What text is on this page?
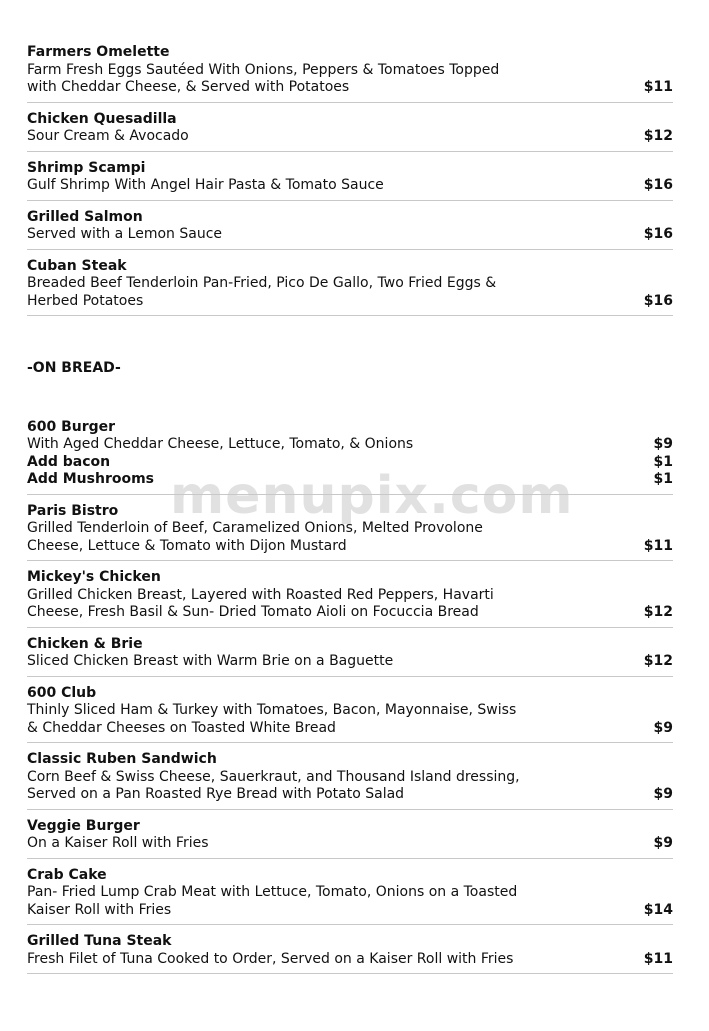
menupix.com
Farmers Omelette
Farm Fresh Eggs Sautéed With Onions, Peppers & Tomatoes Topped
with Cheddar Cheese, & Served with Potatoes	$11
Chicken Quesadilla
Sour Cream & Avocado	$12
Shrimp Scampi
Gulf Shrimp With Angel Hair Pasta & Tomato Sauce	$16
Grilled Salmon
Served with a Lemon Sauce	$16
Cuban Steak
Breaded Beef Tenderloin Pan-Fried, Pico De Gallo, Two Fried Eggs &
Herbed Potatoes	$16
-ON BREAD-
600 Burger
With Aged Cheddar Cheese, Lettuce, Tomato, & Onions	$9
Add bacon	$1
Add Mushrooms	$1
Paris Bistro
Grilled Tenderloin of Beef, Caramelized Onions, Melted Provolone
Cheese, Lettuce & Tomato with Dijon Mustard	$11
Mickey's Chicken
Grilled Chicken Breast, Layered with Roasted Red Peppers, Havarti
Cheese, Fresh Basil & Sun- Dried Tomato Aioli on Focuccia Bread	$12
Chicken & Brie
Sliced Chicken Breast with Warm Brie on a Baguette	$12
600 Club
Thinly Sliced Ham & Turkey with Tomatoes, Bacon, Mayonnaise, Swiss
& Cheddar Cheeses on Toasted White Bread	$9
Classic Ruben Sandwich
Corn Beef & Swiss Cheese, Sauerkraut, and Thousand Island dressing,
Served on a Pan Roasted Rye Bread with Potato Salad	$9
Veggie Burger
On a Kaiser Roll with Fries	$9
Crab Cake
Pan- Fried Lump Crab Meat with Lettuce, Tomato, Onions on a Toasted
Kaiser Roll with Fries	$14
Grilled Tuna Steak
Fresh Filet of Tuna Cooked to Order, Served on a Kaiser Roll with Fries	$11
